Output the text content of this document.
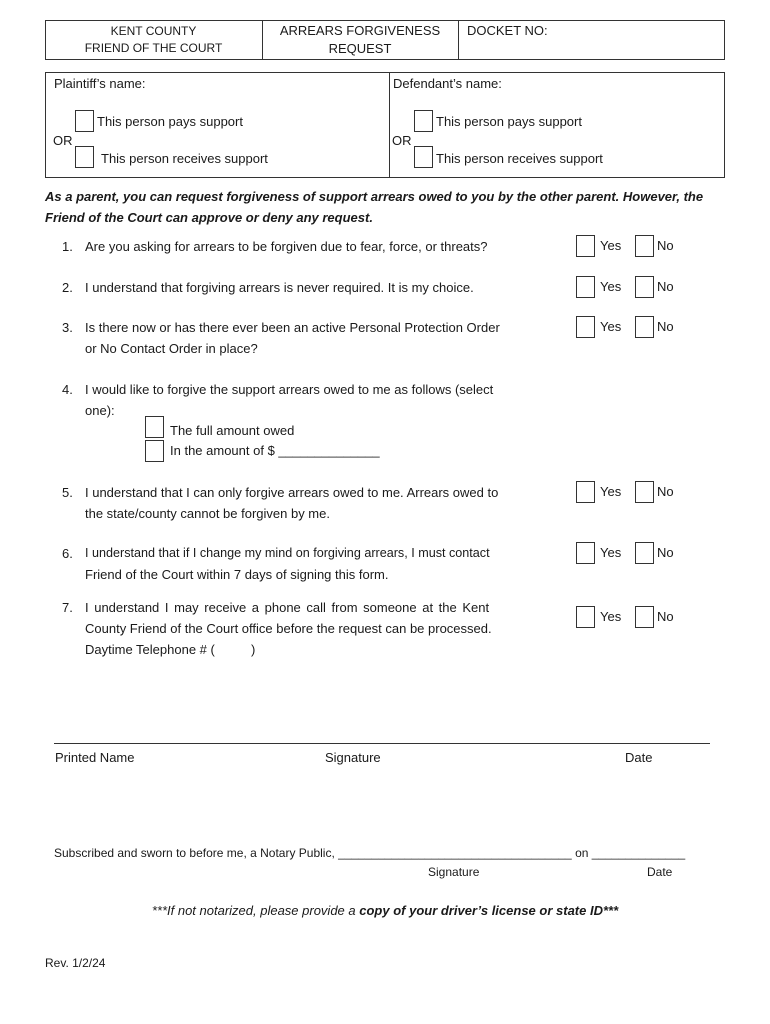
KENT COUNTY
FRIEND OF THE COURT
ARREARS FORGIVENESS
REQUEST
DOCKET NO:
Plaintiff’s name:
This person pays support
OR
This person receives support
Defendant’s name:
This person pays support
OR
This person receives support
As a parent, you can request forgiveness of support arrears owed to you by the other parent. However, the Friend of the Court can approve or deny any request.
1. Are you asking for arrears to be forgiven due to fear, force, or threats?	Yes	No
2. I understand that forgiving arrears is never required. It is my choice.	Yes	No
3. Is there now or has there ever been an active Personal Protection Order
or No Contact Order in place?
Yes	No
4. I would like to forgive the support arrears owed to me as follows (select
one):
The full amount owed
In the amount of $ ______________
5. I understand that I can only forgive arrears owed to me. Arrears owed to
the state/county cannot be forgiven by me.
Yes	No
6. I understand that if I change my mind on forgiving arrears, I must contact
Friend of the Court within 7 days of signing this form.
Yes	No
7. I understand I may receive a phone call from someone at the Kent
County Friend of the Court office before the request can be processed.
Daytime Telephone # (          )
Yes	No
Printed Name	Signature	Date
Subscribed and sworn to before me, a Notary Public, ___________________________________ on ______________
Signature	Date
***If not notarized, please provide a copy of your driver’s license or state ID***
Rev. 1/2/24
